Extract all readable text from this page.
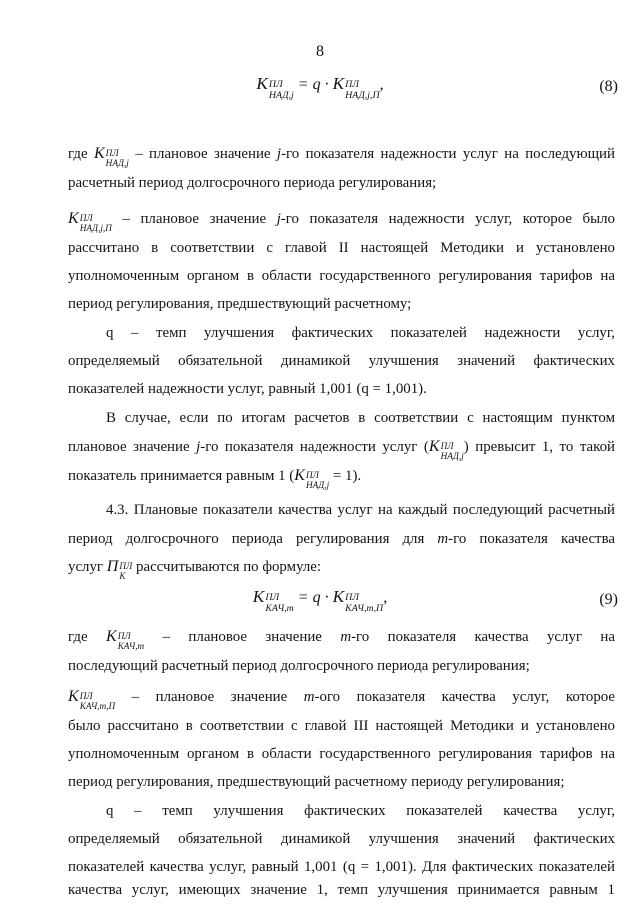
8
K ПЛ
НАД,j
= q · K ПЛ
НАД,j,П
,	(8)

где K ПЛ
НАД,j
– плановое значение j-го показателя надежности услуг на последующий

расчетный период долгосрочного периода регулирования;

K ПЛ
НАД,j,П
– плановое значение j-го показателя надежности услуг, которое было

рассчитано в соответствии с главой II настоящей Методики и установлено

уполномоченным органом в области государственного регулирования тарифов на

период регулирования, предшествующий расчетному;

q – темп улучшения фактических показателей надежности услуг,

определяемый обязательной динамикой улучшения значений фактических

показателей надежности услуг, равный 1,001 (q = 1,001).

В случае, если по итогам расчетов в соответствии с настоящим пунктом

плановое значение j-го показателя надежности услуг (K ПЛ
НАД,j
) превысит 1, то такой

показатель принимается равным 1 (K ПЛ
НАД,j
= 1).

4.3. Плановые показатели качества услуг на каждый последующий расчетный

период долгосрочного периода регулирования для m-го показателя качества

услуг П ПЛ
К
рассчитываются по формуле:

K ПЛ
КАЧ,m
= q · K ПЛ
КАЧ,m,П
,	(9)

где K ПЛ
КАЧ,m
– плановое значение m-го показателя качества услуг на

последующий расчетный период долгосрочного периода регулирования;

K ПЛ
КАЧ,m,П
– плановое значение m-ого показателя качества услуг, которое

было рассчитано в соответствии с главой III настоящей Методики и установлено

уполномоченным органом в области государственного регулирования тарифов на

период регулирования, предшествующий расчетному периоду регулирования;

q – темп улучшения фактических показателей качества услуг,

определяемый обязательной динамикой улучшения значений фактических

показателей качества услуг, равный 1,001 (q = 1,001). Для фактических показателей

качества услуг, имеющих значение 1, темп улучшения принимается равным 1
